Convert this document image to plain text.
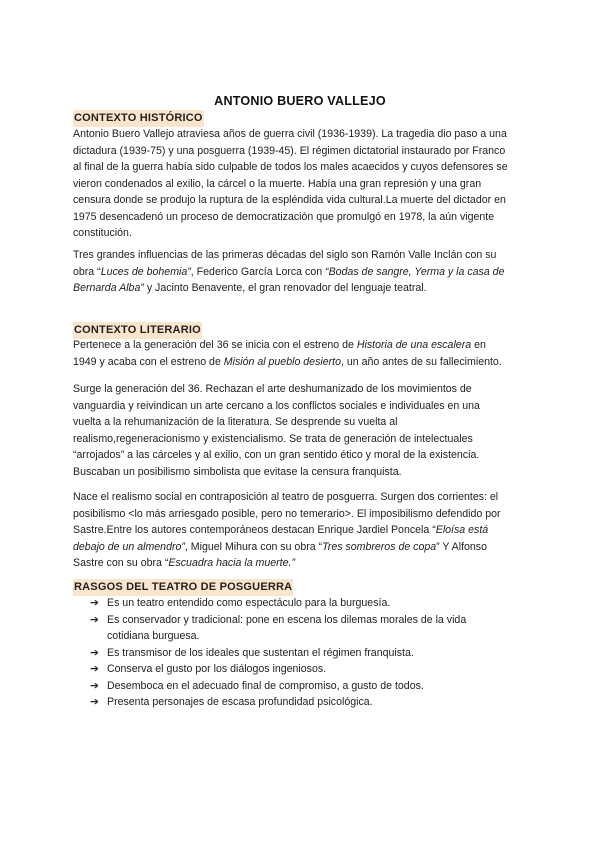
ANTONIO BUERO VALLEJO
CONTEXTO HISTÓRICO
Antonio Buero Vallejo atraviesa años de guerra civil (1936-1939). La tragedia dio paso a una
dictadura (1939-75) y una posguerra (1939-45). El régimen dictatorial instaurado por Franco
al final de la guerra había sido culpable de todos los males acaecidos y cuyos defensores se
vieron condenados al exilio, la cárcel o la muerte. Había una gran represión y una gran
censura donde se produjo la ruptura de la espléndida vida cultural.La muerte del dictador en
1975 desencadenó un proceso de democratización que promulgó en 1978, la aún vigente
constitución.
Tres grandes influencias de las primeras décadas del siglo son Ramón Valle Inclán con su
obra “Luces de bohemia”, Federico García Lorca con “Bodas de sangre, Yerma y la casa de
Bernarda Alba” y Jacinto Benavente, el gran renovador del lenguaje teatral.
CONTEXTO LITERARIO
Pertenece a la generación del 36 se inicia con el estreno de Historia de una escalera en
1949 y acaba con el estreno de Misión al pueblo desierto, un año antes de su fallecimiento.
Surge la generación del 36. Rechazan el arte deshumanizado de los movimientos de
vanguardia y reivindican un arte cercano a los conflictos sociales e individuales en una
vuelta a la rehumanización de la literatura. Se desprende su vuelta al
realismo,regeneracionismo y existencialismo. Se trata de generación de intelectuales
“arrojados” a las cárceles y al exilio, con un gran sentido ético y moral de la existencia.
Buscaban un posibilismo simbolista que evitase la censura franquista.
Nace el realismo social en contraposición al teatro de posguerra. Surgen dos corrientes: el
posibilismo <lo más arriesgado posible, pero no temerario>. El imposibilismo defendido por
Sastre.Entre los autores contemporáneos destacan Enrique Jardiel Poncela “Eloísa está
debajo de un almendro”, Miguel Mihura con su obra “Tres sombreros de copa” Y Alfonso
Sastre con su obra “Escuadra hacia la muerte.”
RASGOS DEL TEATRO DE POSGUERRA
➔ Es un teatro entendido como espectáculo para la burguesía.
➔ Es conservador y tradicional: pone en escena los dilemas morales de la vida
cotidiana burguesa.
➔ Es transmisor de los ideales que sustentan el régimen franquista.
➔ Conserva el gusto por los diálogos ingeniosos.
➔ Desemboca en el adecuado final de compromiso, a gusto de todos.
➔ Presenta personajes de escasa profundidad psicológica.
